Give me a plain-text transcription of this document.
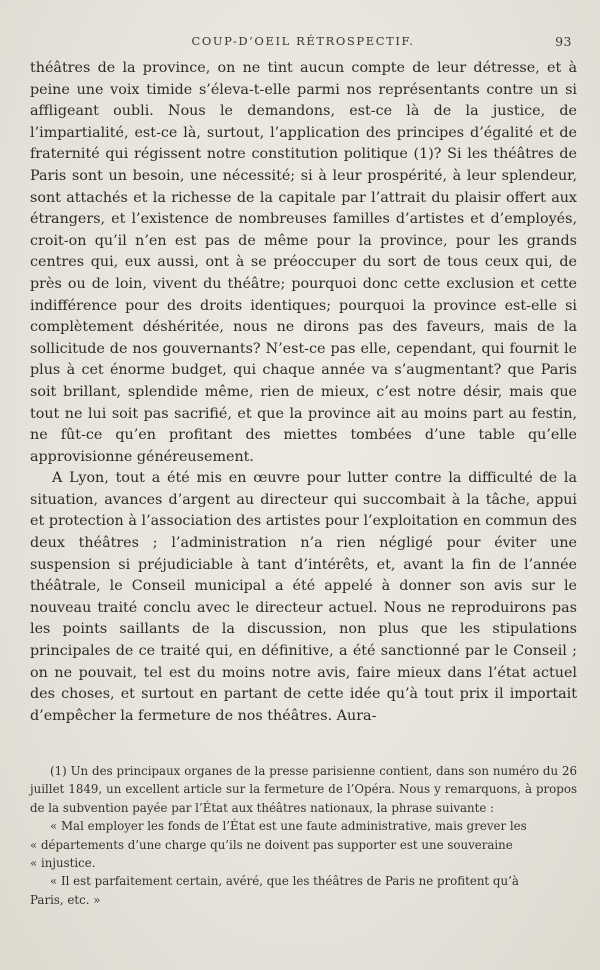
COUP-D’OEIL RÉTROSPECTIF.	93

théâtres de la province, on ne tint aucun compte de leur détresse, et à peine une voix timide s’éleva-t-elle parmi nos représentants contre un si affligeant oubli. Nous le demandons, est-ce là de la justice, de l’impartialité, est-ce là, surtout, l’application des principes d’égalité et de fraternité qui régissent notre constitution politique (1)? Si les théâtres de Paris sont un besoin, une nécessité; si à leur prospérité, à leur splendeur, sont attachés et la richesse de la capitale par l’attrait du plaisir offert aux étrangers, et l’existence de nombreuses familles d’artistes et d’employés, croit-on qu’il n’en est pas de même pour la province, pour les grands centres qui, eux aussi, ont à se préoccuper du sort de tous ceux qui, de près ou de loin, vivent du théâtre; pourquoi donc cette exclusion et cette indifférence pour des droits identiques; pourquoi la province est-elle si complètement déshéritée, nous ne dirons pas des faveurs, mais de la sollicitude de nos gouvernants? N’est-ce pas elle, cependant, qui fournit le plus à cet énorme budget, qui chaque année va s’augmentant? que Paris soit brillant, splendide même, rien de mieux, c’est notre désir, mais que tout ne lui soit pas sacrifié, et que la province ait au moins part au festin, ne fût-ce qu’en profitant des miettes tombées d’une table qu’elle approvisionne généreusement.

A Lyon, tout a été mis en œuvre pour lutter contre la difficulté de la situation, avances d’argent au directeur qui succombait à la tâche, appui et protection à l’association des artistes pour l’exploitation en commun des deux théâtres ; l’administration n’a rien négligé pour éviter une suspension si préjudiciable à tant d’intérêts, et, avant la fin de l’année théâtrale, le Conseil municipal a été appelé à donner son avis sur le nouveau traité conclu avec le directeur actuel. Nous ne reproduirons pas les points saillants de la discussion, non plus que les stipulations principales de ce traité qui, en définitive, a été sanctionné par le Conseil ; on ne pouvait, tel est du moins notre avis, faire mieux dans l’état actuel des choses, et surtout en partant de cette idée qu’à tout prix il importait d’empêcher la fermeture de nos théâtres. Aura-

(1) Un des principaux organes de la presse parisienne contient, dans son numéro du 26 juillet 1849, un excellent article sur la fermeture de l’Opéra. Nous y remarquons, à propos de la subvention payée par l’État aux théâtres nationaux, la phrase suivante :

« Mal employer les fonds de l’État est une faute administrative, mais grever les
« départements d’une charge qu’ils ne doivent pas supporter est une souveraine
« injustice.
« Il est parfaitement certain, avéré, que les théâtres de Paris ne profitent qu’à
Paris, etc. »
